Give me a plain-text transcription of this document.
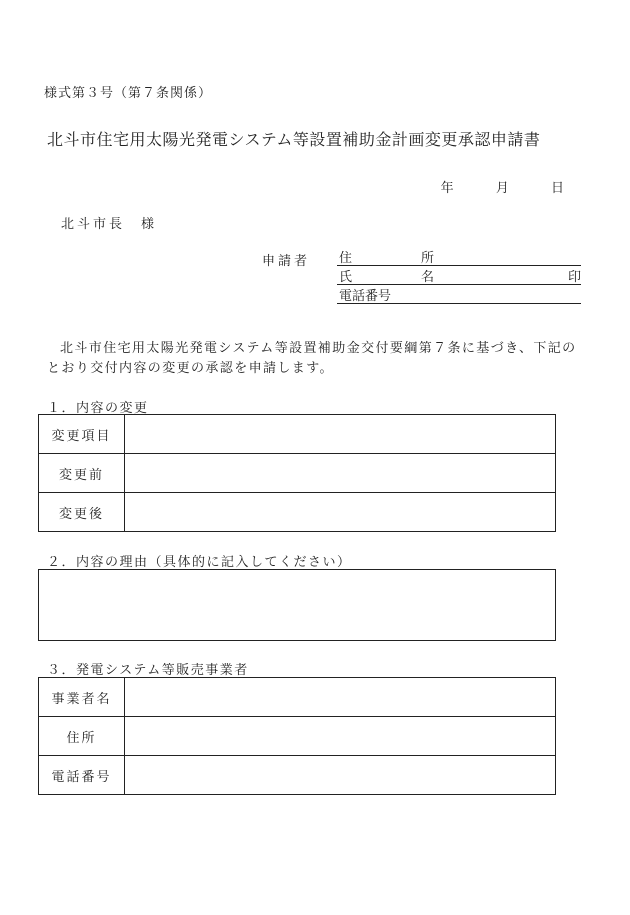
様式第３号（第７条関係）
北斗市住宅用太陽光発電システム等設置補助金計画変更承認申請書
年	月	日
北斗市長　様
申請者 住　所
氏　名	印
電話番号
北斗市住宅用太陽光発電システム等設置補助金交付要綱第７条に基づき、下記のとおり交付内容の変更の承認を申請します。
１．内容の変更
変更項目	
変更前	
変更後	
２．内容の理由（具体的に記入してください）
３．発電システム等販売事業者
事業者名	
住所	
電話番号	
